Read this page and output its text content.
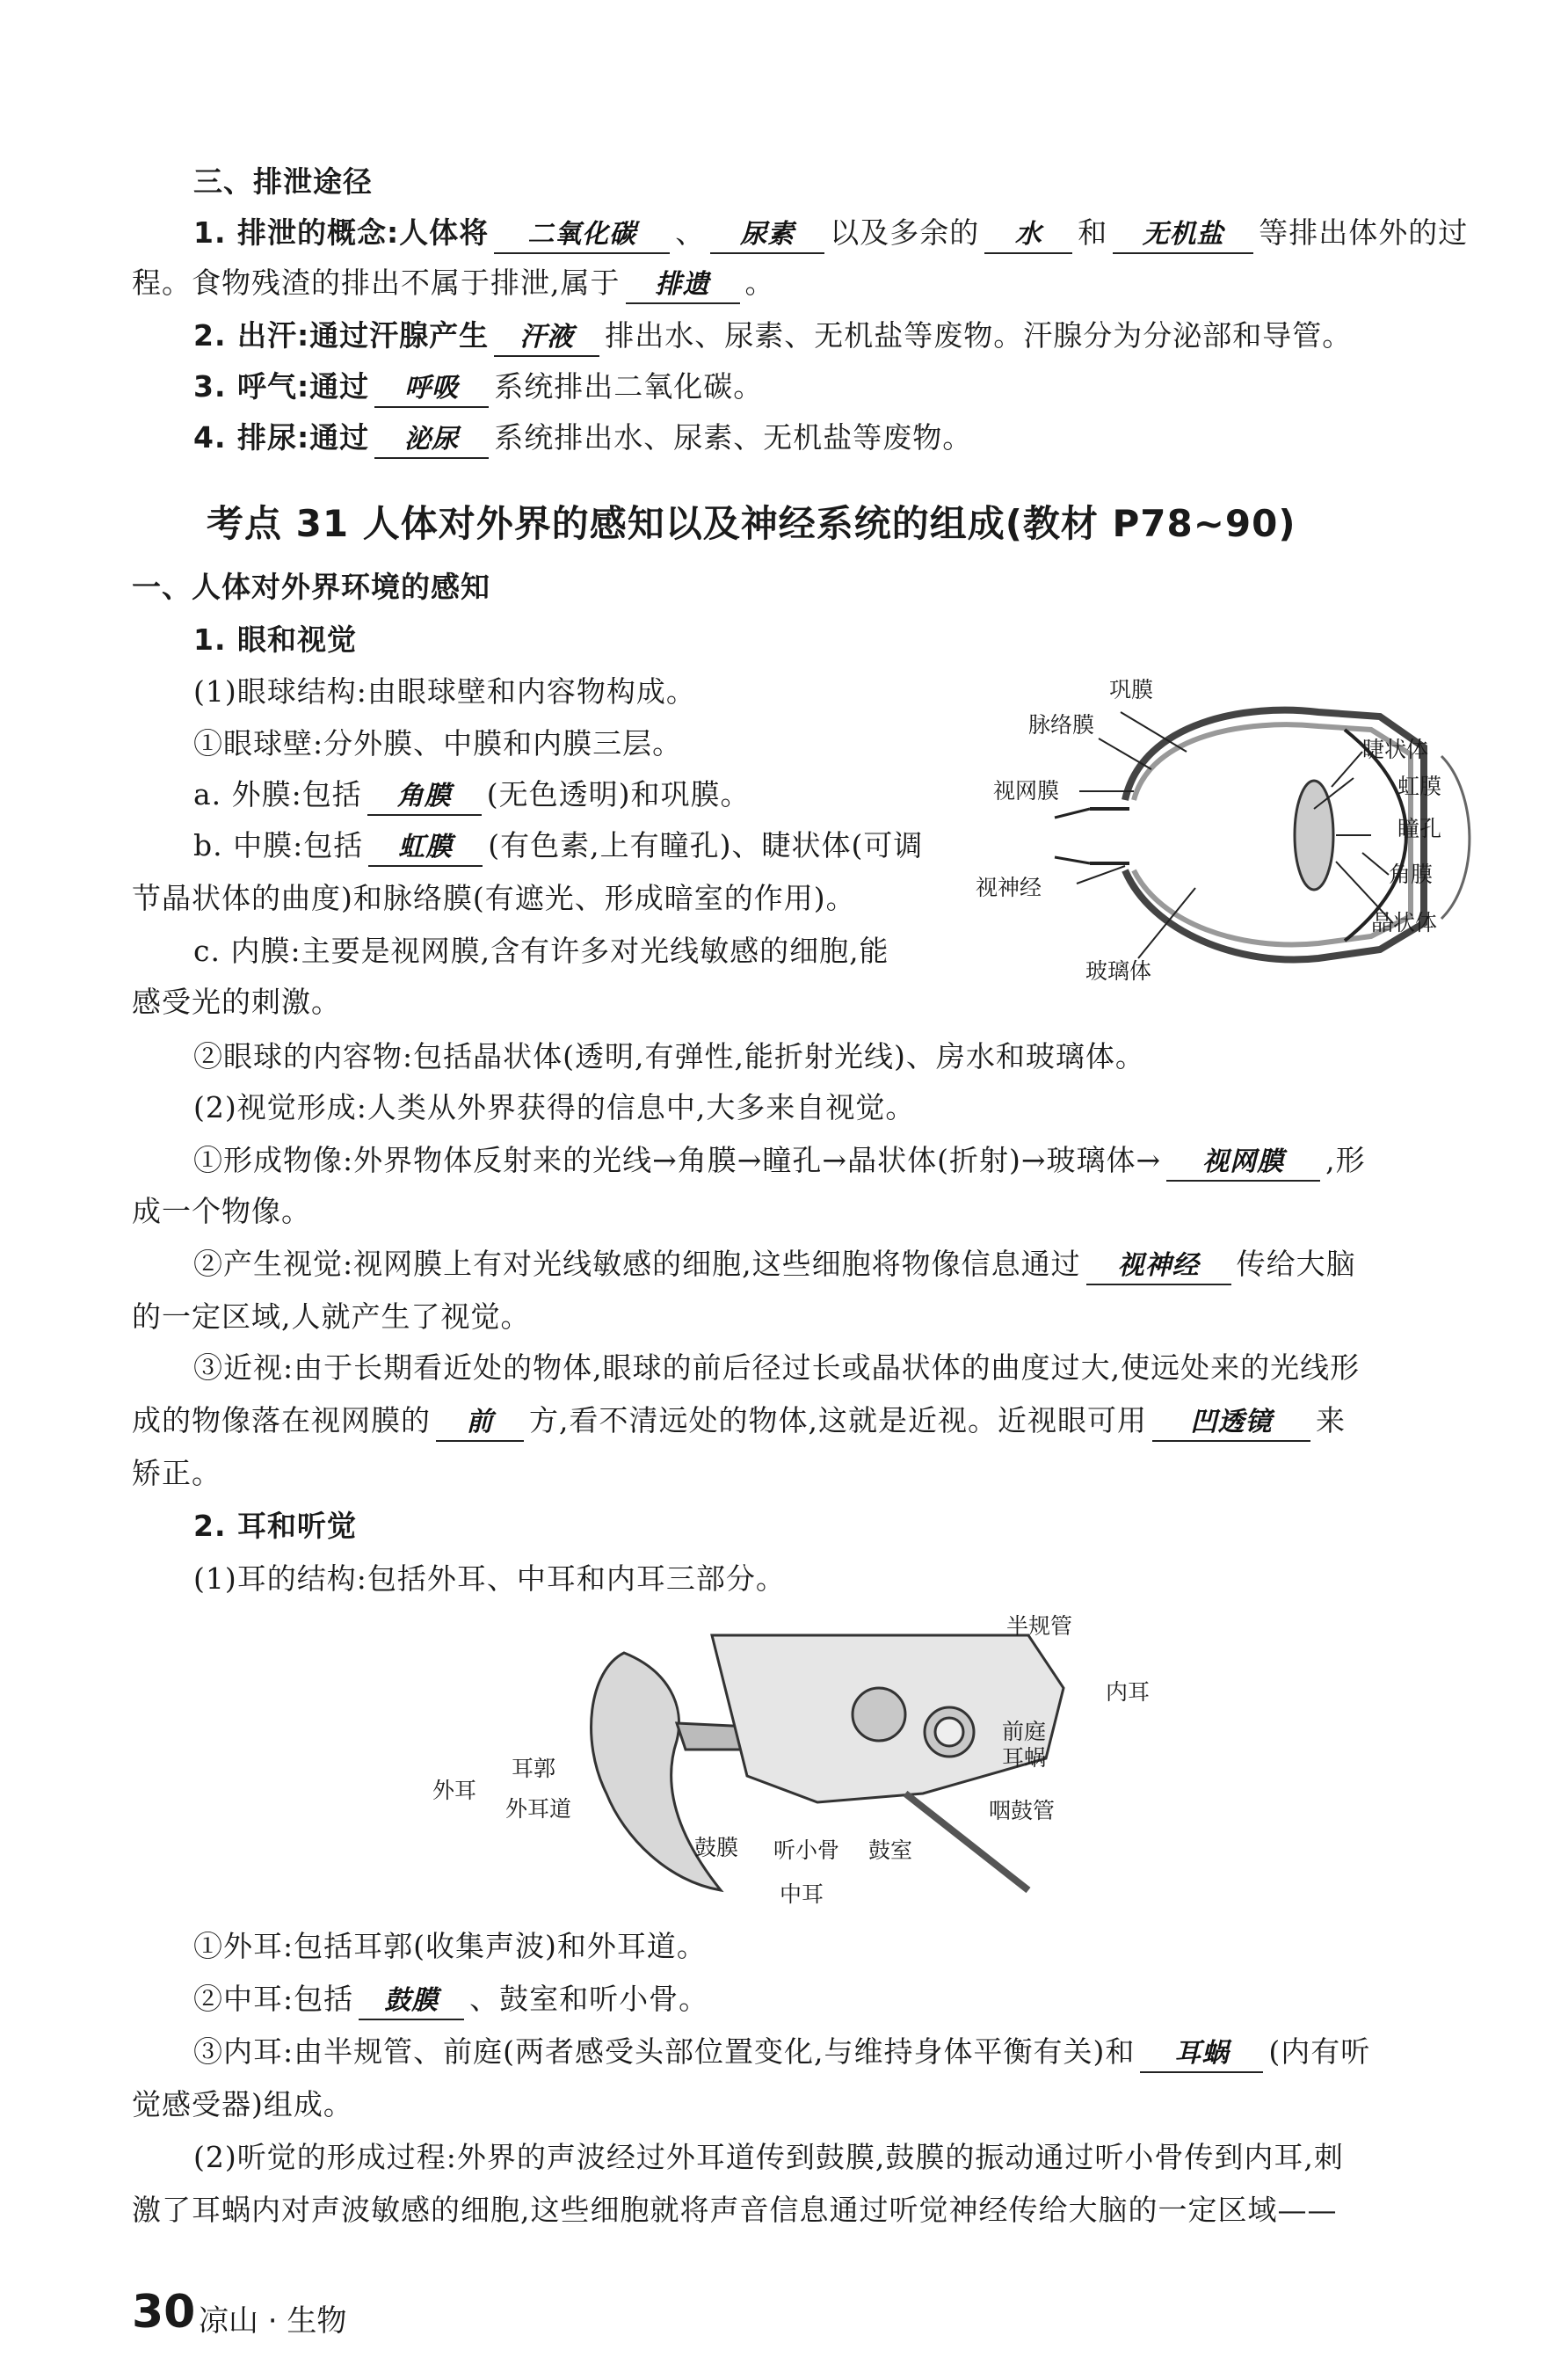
三、排泄途径
1. 排泄的概念:人体将 二氧化碳 、 尿素 以及多余的 水 和 无机盐 等排出体外的过
程。食物残渣的排出不属于排泄,属于 排遗 。
2. 出汗:通过汗腺产生 汗液 排出水、尿素、无机盐等废物。汗腺分为分泌部和导管。
3. 呼气:通过 呼吸 系统排出二氧化碳。
4. 排尿:通过 泌尿 系统排出水、尿素、无机盐等废物。
考点 31 人体对外界的感知以及神经系统的组成(教材 P78~90)
一、人体对外界环境的感知
1. 眼和视觉
(1)眼球结构:由眼球壁和内容物构成。
①眼球壁:分外膜、中膜和内膜三层。
a. 外膜:包括 角膜 (无色透明)和巩膜。
b. 中膜:包括 虹膜 (有色素,上有瞳孔)、睫状体(可调
节晶状体的曲度)和脉络膜(有遮光、形成暗室的作用)。
c. 内膜:主要是视网膜,含有许多对光线敏感的细胞,能
感受光的刺激。
巩膜
脉络膜
视网膜
视神经
玻璃体
睫状体
虹膜
瞳孔
角膜
晶状体
②眼球的内容物:包括晶状体(透明,有弹性,能折射光线)、房水和玻璃体。
(2)视觉形成:人类从外界获得的信息中,大多来自视觉。
①形成物像:外界物体反射来的光线→角膜→瞳孔→晶状体(折射)→玻璃体→ 视网膜 ,形
成一个物像。
②产生视觉:视网膜上有对光线敏感的细胞,这些细胞将物像信息通过 视神经 传给大脑
的一定区域,人就产生了视觉。
③近视:由于长期看近处的物体,眼球的前后径过长或晶状体的曲度过大,使远处来的光线形
成的物像落在视网膜的 前 方,看不清远处的物体,这就是近视。近视眼可用 凹透镜 来
矫正。
2. 耳和听觉
(1)耳的结构:包括外耳、中耳和内耳三部分。
半规管
内耳
前庭
耳蜗
咽鼓管
耳郭
外耳
外耳道
鼓膜 听小骨 鼓室
中耳
①外耳:包括耳郭(收集声波)和外耳道。
②中耳:包括 鼓膜 、鼓室和听小骨。
③内耳:由半规管、前庭(两者感受头部位置变化,与维持身体平衡有关)和 耳蜗 (内有听
觉感受器)组成。
(2)听觉的形成过程:外界的声波经过外耳道传到鼓膜,鼓膜的振动通过听小骨传到内耳,刺
激了耳蜗内对声波敏感的细胞,这些细胞就将声音信息通过听觉神经传给大脑的一定区域——
30 凉山 · 生物
